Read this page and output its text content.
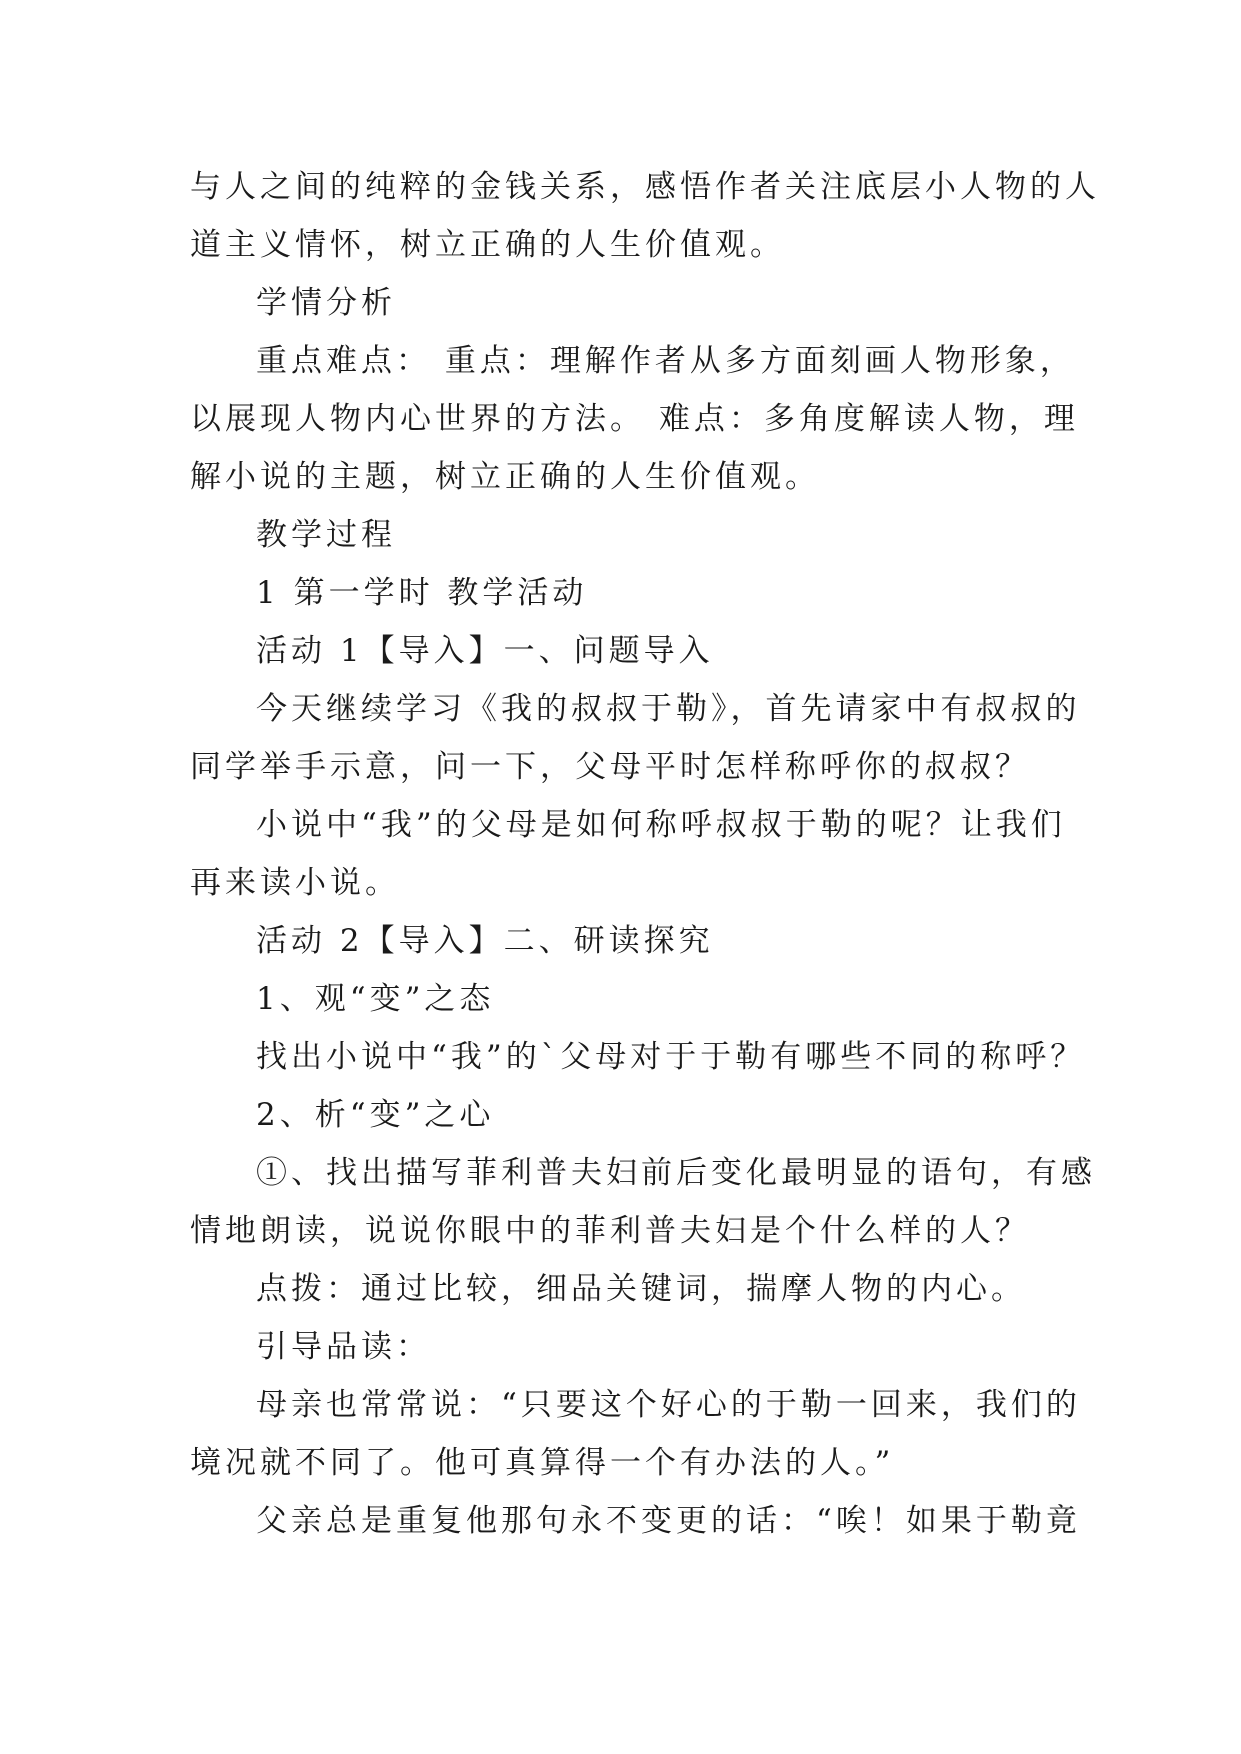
与人之间的纯粹的金钱关系，感悟作者关注底层小人物的人
道主义情怀，树立正确的人生价值观。
学情分析
重点难点： 重点：理解作者从多方面刻画人物形象，
以展现人物内心世界的方法。 难点：多角度解读人物，理
解小说的主题，树立正确的人生价值观。
教学过程
1 第一学时 教学活动
活动 1【导入】一、问题导入
今天继续学习《我的叔叔于勒》，首先请家中有叔叔的
同学举手示意，问一下，父母平时怎样称呼你的叔叔？
小说中“我”的父母是如何称呼叔叔于勒的呢？让我们
再来读小说。
活动 2【导入】二、研读探究
1、观“变”之态
找出小说中“我”的`父母对于于勒有哪些不同的称呼？
2、析“变”之心
①、找出描写菲利普夫妇前后变化最明显的语句，有感
情地朗读，说说你眼中的菲利普夫妇是个什么样的人？
点拨：通过比较，细品关键词，揣摩人物的内心。
引导品读：
母亲也常常说：“只要这个好心的于勒一回来，我们的
境况就不同了。他可真算得一个有办法的人。”
父亲总是重复他那句永不变更的话：“唉！如果于勒竟
